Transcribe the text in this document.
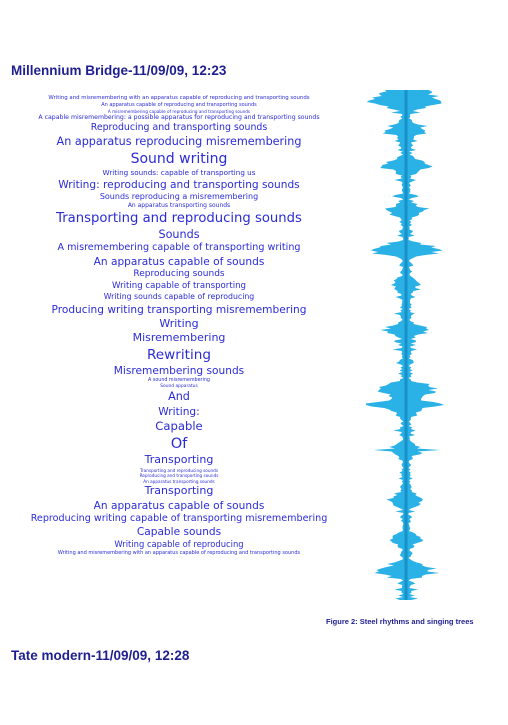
Millennium Bridge-11/09/09, 12:23
Writing and misremembering with an apparatus capable of reproducing and transporting sounds
An apparatus capable of reproducing and transporting sounds
A misremembering capable of reproducing and transporting sounds
A capable misremembering: a possible apparatus for reproducing and transporting sounds
Reproducing and transporting sounds
An apparatus reproducing misremembering
Sound writing
Writing sounds: capable of transporting us
Writing: reproducing and transporting sounds
Sounds reproducing a misremembering
An apparatus transporting sounds
Transporting and reproducing sounds
Sounds
A misremembering capable of transporting writing
An apparatus capable of sounds
Reproducing sounds
Writing capable of transporting
Writing sounds capable of reproducing
Producing writing transporting misremembering
Writing
Misremembering
Rewriting
Misremembering sounds
A sound misremembering
Sound apparatus
And
Writing:
Capable
Of
Transporting
Transporting and reproducing sounds
Reproducing and transporting sounds
An apparatus transporting sounds
Transporting
An apparatus capable of sounds
Reproducing writing capable of transporting misremembering
Capable sounds
Writing capable of reproducing
Writing and misremembering with an apparatus capable of reproducing and transporting sounds

Figure 2: Steel rhythms and singing trees

Tate modern-11/09/09, 12:28
